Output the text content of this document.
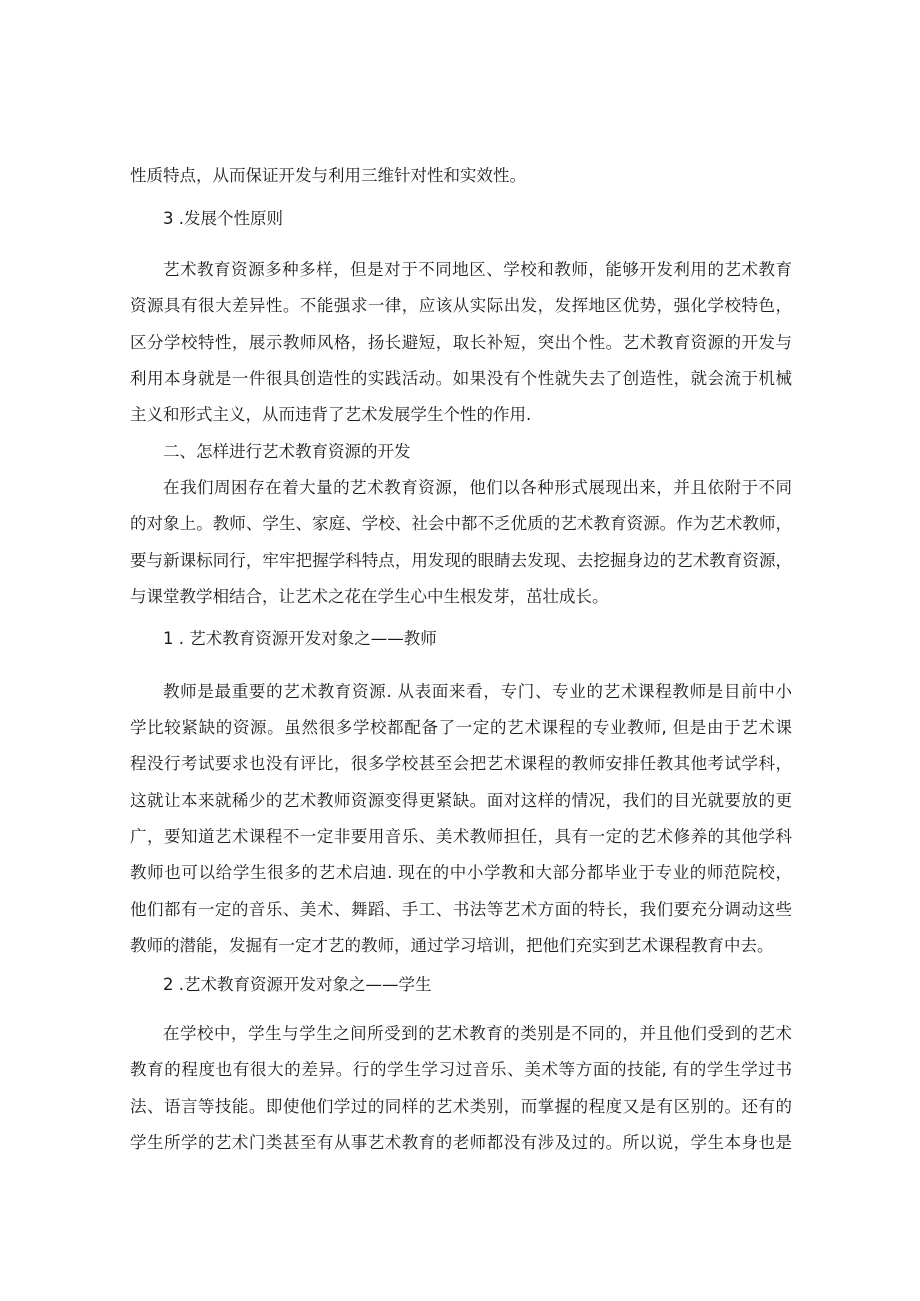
性质特点，从而保证开发与利用三维针对性和实效性。
3 .发展个性原则
艺术教育资源多种多样，但是对于不同地区、学校和教师，能够开发利用的艺术教育
资源具有很大差异性。不能强求一律，应该从实际出发，发挥地区优势，强化学校特色，
区分学校特性，展示教师风格，扬长避短，取长补短，突出个性。艺术教育资源的开发与
利用本身就是一件很具创造性的实践活动。如果没有个性就失去了创造性，就会流于机械
主义和形式主义，从而违背了艺术发展学生个性的作用.
二、怎样进行艺术教育资源的开发
在我们周困存在着大量的艺术教育资源，他们以各种形式展现出来，并且依附于不同
的对象上。教师、学生、家庭、学校、社会中都不乏优质的艺术教育资源。作为艺术教师，
要与新课标同行，牢牢把握学科特点，用发现的眼睛去发现、去挖掘身边的艺术教育资源，
与课堂教学相结合，让艺术之花在学生心中生根发芽，茁壮成长。
1 . 艺术教育资源开发对象之——教师
教师是最重要的艺术教育资源. 从表面来看，专门、专业的艺术课程教师是目前中小
学比较紧缺的资源。虽然很多学校都配备了一定的艺术课程的专业教师, 但是由于艺术课
程没行考试要求也没有评比，很多学校甚至会把艺术课程的教师安排任教其他考试学科，
这就让本来就稀少的艺术教师资源变得更紧缺。面对这样的情况，我们的目光就要放的更
广，要知道艺术课程不一定非要用音乐、美术教师担任，具有一定的艺术修养的其他学科
教师也可以给学生很多的艺术启迪. 现在的中小学教和大部分都毕业于专业的师范院校，
他们都有一定的音乐、美术、舞蹈、手工、书法等艺术方面的特长，我们要充分调动这些
教师的潜能，发掘有一定才艺的教师，通过学习培训，把他们充实到艺术课程教育中去。
2 .艺术教育资源开发对象之——学生
在学校中，学生与学生之间所受到的艺术教育的类别是不同的，并且他们受到的艺术
教育的程度也有很大的差异。行的学生学习过音乐、美术等方面的技能, 有的学生学过书
法、语言等技能。即使他们学过的同样的艺术类别，而掌握的程度又是有区别的。还有的
学生所学的艺术门类甚至有从事艺术教育的老师都没有涉及过的。所以说，学生本身也是
